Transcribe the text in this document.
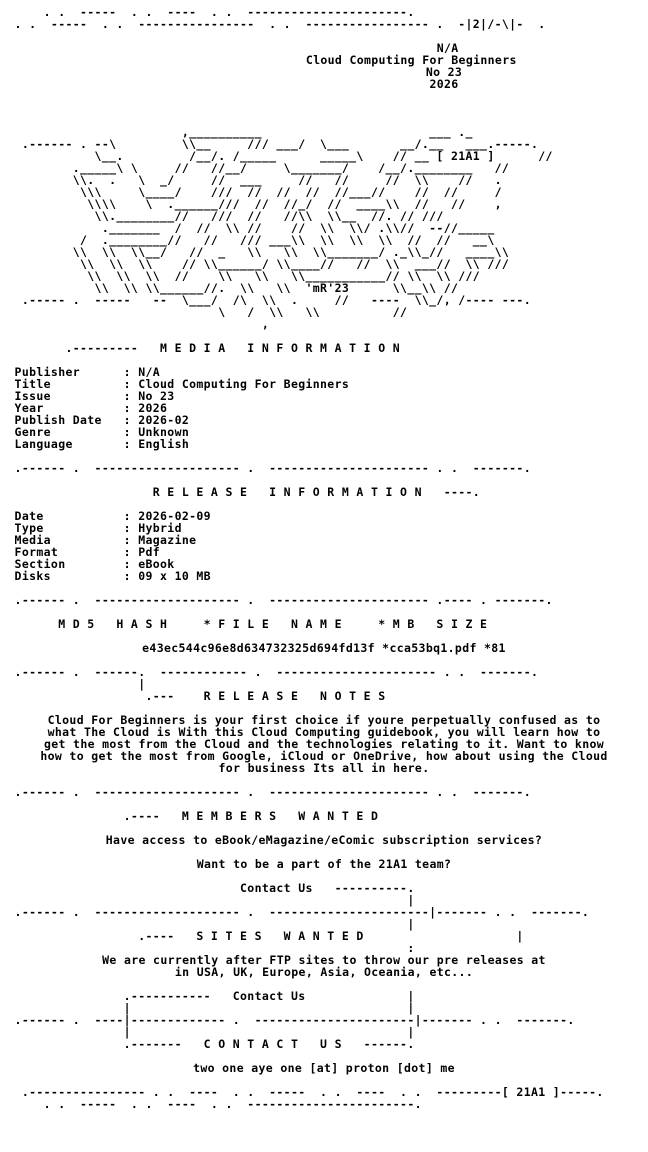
. .  -----  . .  ----  . .  ----------------------.
. .  -----  . .  ----------------  . .  ----------------- .  -|2|/-\|-  .

N/A
Cloud Computing For Beginners
No 23
2026
,__________                       ___ ._
.------ . --\         \\__     /// ___/  \___       __/.__   ___.-----.
\__.         /__/. /_____      _____\    // __ [ 21A1 ]      //
._____\ \     //   //__/     \_______/    /__/.________   //
\\.  .   \  _/     //  ___     //   //     //  \\    //   .
\\\     \____/    ///  //  //  //  //___//    //  //     /
\\\\    \  .______///  //  //_/  //  ____\\  //   //    ,
\\.________//   ///  //   //\\  \\__  //. // ///
._______  /  //  \\ //    //  \\  \\/ .\\//  --//_____
/  .________//   //   /// ___\\  \\  \\  \\  //  //   __\
\\  \\  \\__/   //  _   \\   \\  \\_______/ ._\\_//   ____\\
\\  \\  \\    // \\______/ \\____//   //  \\  ___//  \\ ///
\\  \\  \\  //    \\   \\   \\___________// \\  \\ ///
\\  \\ \\______//.  \\   \\  'mR'23      \\__\\ //
.----- .  -----   --  \___/  /\  \\  .     //   ----  \\_/, /---- ---.
\   /  \\   \\          //
,
.---------   M E D I A   I N F O R M A T I O N
Publisher      : N/A
Title          : Cloud Computing For Beginners
Issue          : No 23
Year           : 2026
Publish Date   : 2026-02
Genre          : Unknown
Language       : English
.------ .  -------------------- .  ---------------------- . .  -------.
R E L E A S E   I N F O R M A T I O N   ----.
Date           : 2026-02-09
Type           : Hybrid
Media          : Magazine
Format         : Pdf
Section        : eBook
Disks          : 09 x 10 MB
.------ .  -------------------- .  ---------------------- .---- . -------.
M D 5   H A S H     * F I L E   N A M E     * M B   S I Z E
e43ec544c96e8d634732325d694fd13f *cca53bq1.pdf *81
.------ .  ------.  ------------ .  ---------------------- . .  -------.
|
.---    R E L E A S E   N O T E S
Cloud For Beginners is your first choice if youre perpetually confused as to
what The Cloud is With this Cloud Computing guidebook, you will learn how to
get the most from the Cloud and the technologies relating to it. Want to know
how to get the most from Google, iCloud or OneDrive, how about using the Cloud
for business Its all in here.
.------ .  -------------------- .  ---------------------- . .  -------.
.----   M E M B E R S   W A N T E D
Have access to eBook/eMagazine/eComic subscription services?
Want to be a part of the 21A1 team?
Contact Us   ----------.
|
.------ .  -------------------- .  ----------------------|------- . .  -------.
|
.----   S I T E S   W A N T E D                     |
:
We are currently after FTP sites to throw our pre releases at
in USA, UK, Europe, Asia, Oceania, etc...
.-----------   Contact Us              |
|                                      |
.------ .  ----|------------- .  ----------------------|------- . .  -------.
|                                      |
.-------   C O N T A C T   U S   ------.
two one aye one [at] proton [dot] me
.---------------- . .  ----  . .  -----  . .  ----  . .  ---------[ 21A1 ]-----.
. .  -----  . .  ----  . .  -----------------------.
